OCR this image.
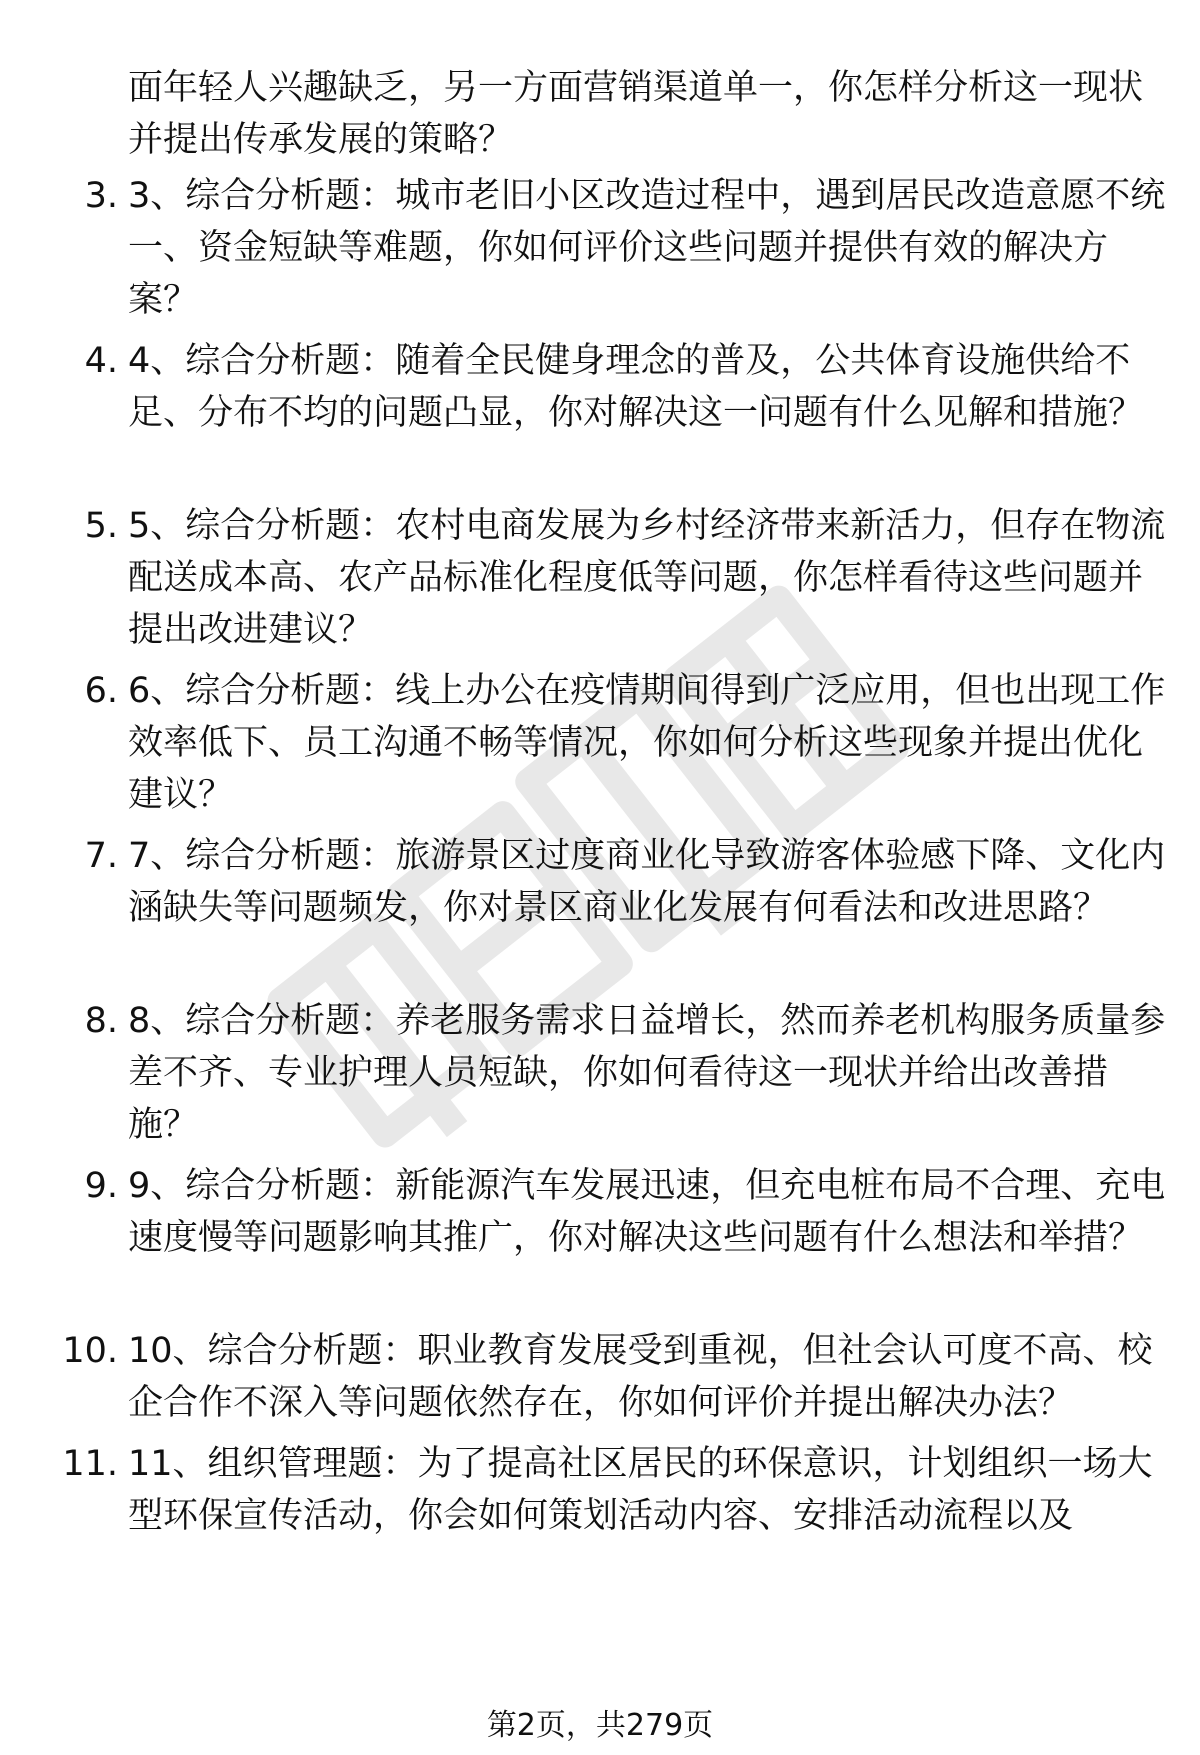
面年轻人兴趣缺乏，另一方面营销渠道单一，你怎样分析这一现状并提出传承发展的策略？
3. 3、综合分析题：城市老旧小区改造过程中，遇到居民改造意愿不统一、资金短缺等难题，你如何评价这些问题并提供有效的解决方案？
4. 4、综合分析题：随着全民健身理念的普及，公共体育设施供给不足、分布不均的问题凸显，你对解决这一问题有什么见解和措施？
5. 5、综合分析题：农村电商发展为乡村经济带来新活力，但存在物流配送成本高、农产品标准化程度低等问题，你怎样看待这些问题并提出改进建议？
6. 6、综合分析题：线上办公在疫情期间得到广泛应用，但也出现工作效率低下、员工沟通不畅等情况，你如何分析这些现象并提出优化建议？
7. 7、综合分析题：旅游景区过度商业化导致游客体验感下降、文化内涵缺失等问题频发，你对景区商业化发展有何看法和改进思路？
8. 8、综合分析题：养老服务需求日益增长，然而养老机构服务质量参差不齐、专业护理人员短缺，你如何看待这一现状并给出改善措施？
9. 9、综合分析题：新能源汽车发展迅速，但充电桩布局不合理、充电速度慢等问题影响其推广，你对解决这些问题有什么想法和举措？
10. 10、综合分析题：职业教育发展受到重视，但社会认可度不高、校企合作不深入等问题依然存在，你如何评价并提出解决办法？
11. 11、组织管理题：为了提高社区居民的环保意识，计划组织一场大型环保宣传活动，你会如何策划活动内容、安排活动流程以及
第2页，共279页
